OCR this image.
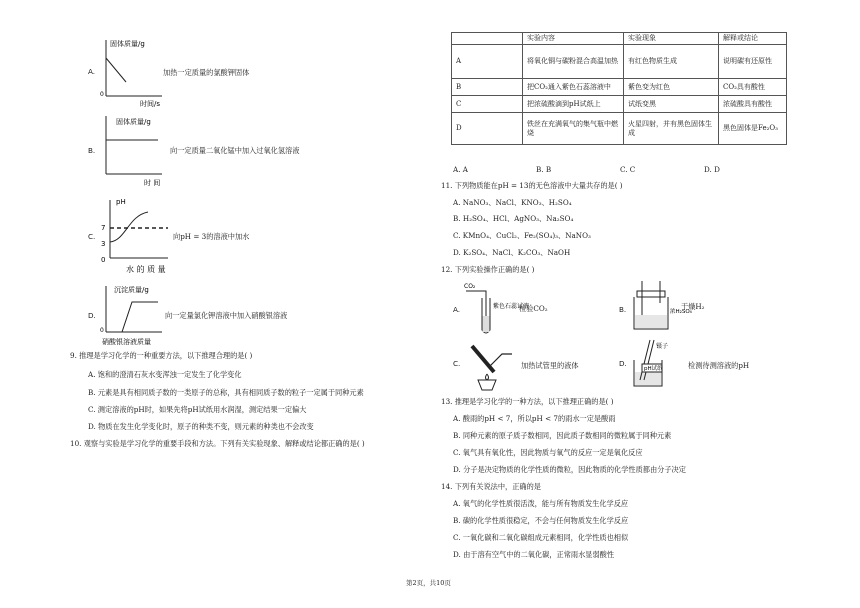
A.
0
固体质量/g
时间/s
加热一定质量的氯酸钾固体
B.
固体质量/g
时 间
向一定质量二氧化锰中加入过氧化氢溶液
C.
pH
7
3
0
水 的 质 量
向pH = 3的溶液中加水
D.
0
沉淀质量/g
硝酸银溶液质量
向一定量氯化钾溶液中加入硝酸银溶液
9. 推理是学习化学的一种重要方法，以下推理合理的是( )
A. 饱和的澄清石灰水变浑浊一定发生了化学变化
B. 元素是具有相同质子数的一类原子的总称，具有相同质子数的粒子一定属于同种元素
C. 测定溶液的pH时，如果先将pH试纸用水润湿，测定结果一定偏大
D. 物质在发生化学变化时，原子的种类不变，则元素的种类也不会改变
10. 观察与实验是学习化学的重要手段和方法。下列有关实验现象、解释或结论都正确的是( )
	实验内容	实验现象	解释或结论
A	将氧化铜与碳粉混合高温加热	有红色物质生成	说明碳有还原性
B	把CO₂通入紫色石蕊溶液中	紫色变为红色	CO₂具有酸性
C	把浓硫酸滴到pH试纸上	试纸变黑	浓硫酸具有酸性
D	铁丝在充满氧气的集气瓶中燃烧	火星四射，并有黑色固体生成	黑色固体是Fe₂O₃
A. A	B. B	C. C	D. D
11. 下列物质能在pH = 13的无色溶液中大量共存的是( )
A. NaNO₃、NaCl、KNO₃、H₂SO₄
B. H₂SO₄、HCl、AgNO₃、Na₂SO₄
C. KMnO₄、CuCl₂、Fe₂(SO₄)₃、NaNO₃
D. K₂SO₄、NaCl、K₂CO₃、NaOH
12. 下列实验操作正确的是( )
A.
CO₂
紫色石蕊试液
检验CO₂	B.	浓H₂SO₄
干燥H₂
C.	加热试管里的液体	D.
镊子
pH试纸	检测待测溶液的pH
13. 推理是学习化学的一种方法，以下推理正确的是( )
A. 酸雨的pH < 7，所以pH < 7的雨水一定是酸雨
B. 同种元素的原子质子数相同，因此质子数相同的微粒属于同种元素
C. 氧气具有氧化性，因此物质与氧气的反应一定是氧化反应
D. 分子是决定物质的化学性质的微粒，因此物质的化学性质都由分子决定
14. 下列有关说法中，正确的是
A. 氧气的化学性质很活泼，能与所有物质发生化学反应
B. 碳的化学性质很稳定，不会与任何物质发生化学反应
C. 一氧化碳和二氧化碳组成元素相同，化学性质也相似
D. 由于溶有空气中的二氧化碳，正常雨水显弱酸性
第2页，共10页
